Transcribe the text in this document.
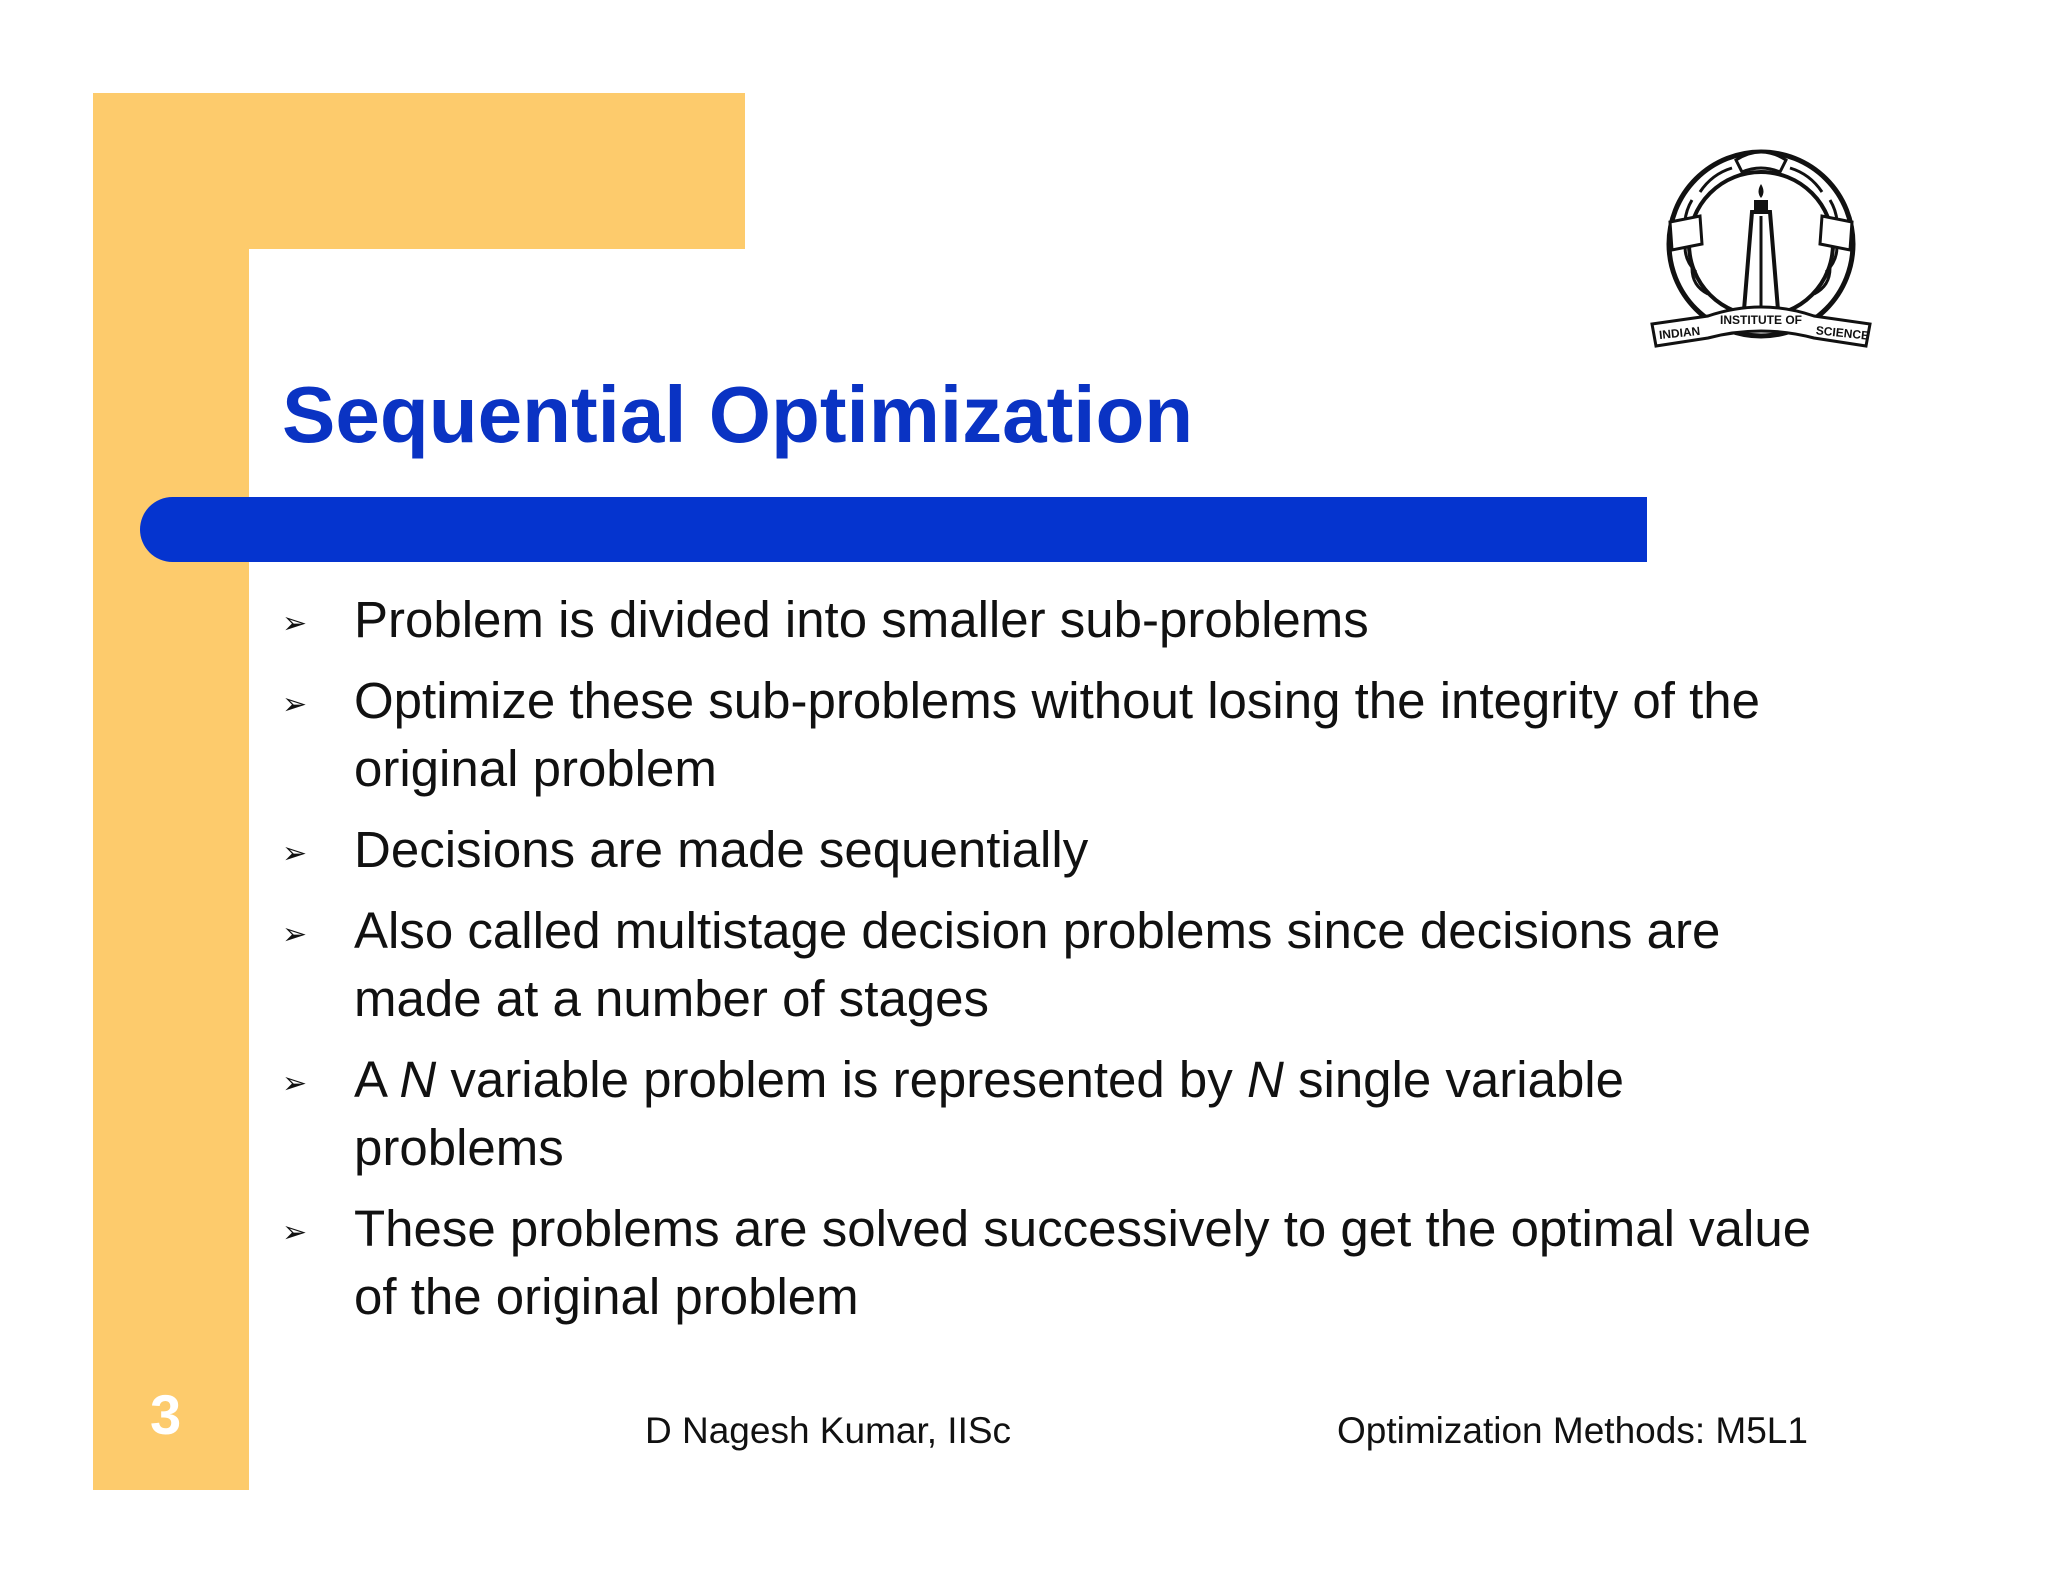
Sequential Optimization
INDIAN
INSTITUTE OF
SCIENCE
➢ Problem is divided into smaller sub-problems
➢ Optimize these sub-problems without losing the integrity of the original problem
➢ Decisions are made sequentially
➢ Also called multistage decision problems since decisions are made at a number of stages
➢ A N variable problem is represented by N single variable problems
➢ These problems are solved successively to get the optimal value of the original problem
3	D Nagesh Kumar, IISc	Optimization Methods: M5L1
